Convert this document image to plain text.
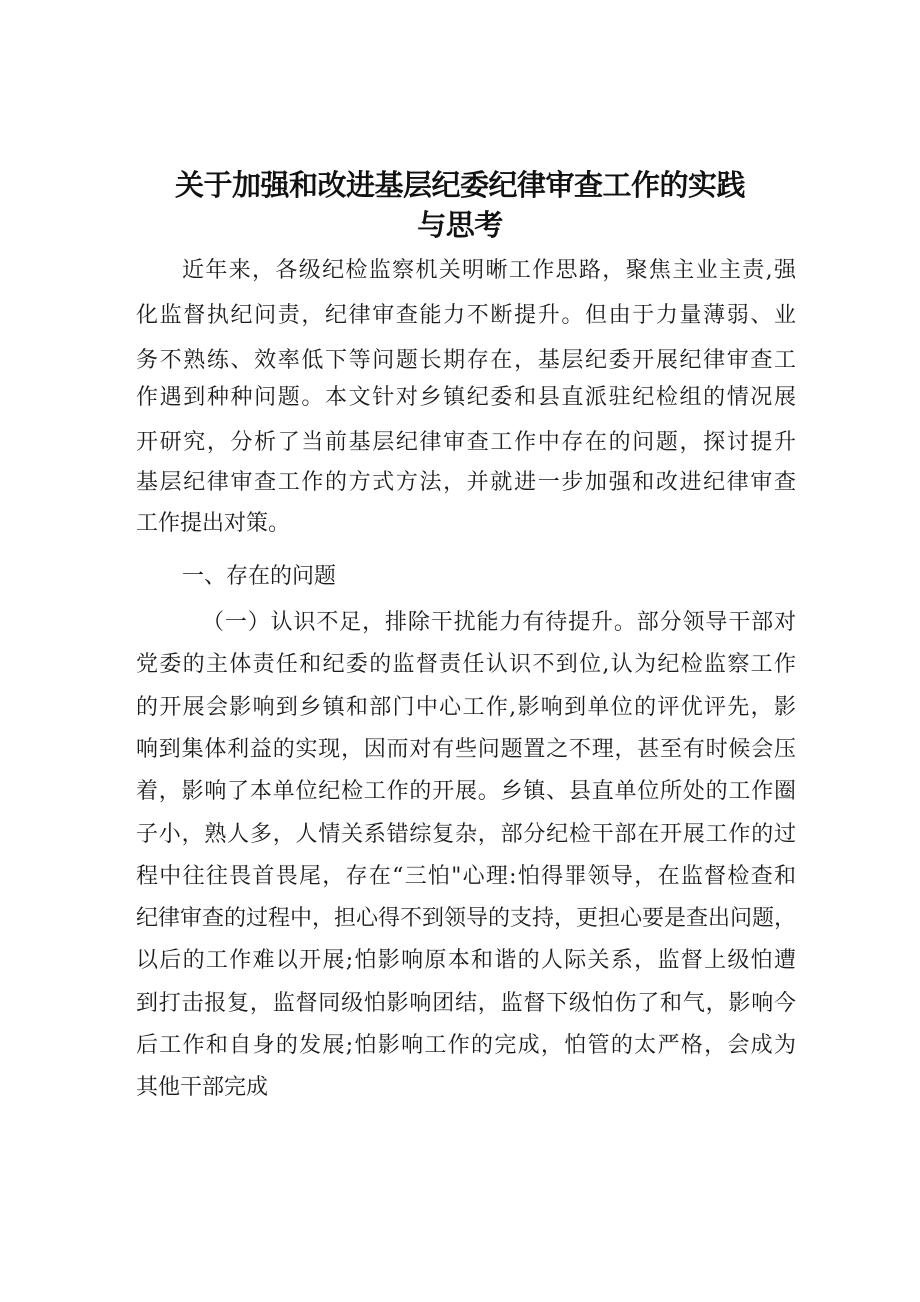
关于加强和改进基层纪委纪律审查工作的实践
与思考

近年来，各级纪检监察机关明晰工作思路，聚焦主业主责,强

化监督执纪问责，纪律审查能力不断提升。但由于力量薄弱、业

务不熟练、效率低下等问题长期存在，基层纪委开展纪律审查工

作遇到种种问题。本文针对乡镇纪委和县直派驻纪检组的情况展

开研究，分析了当前基层纪律审查工作中存在的问题，探讨提升

基层纪律审查工作的方式方法，并就进一步加强和改进纪律审查

工作提出对策。

一、存在的问题

（一）认识不足，排除干扰能力有待提升。部分领导干部对

党委的主体责任和纪委的监督责任认识不到位,认为纪检监察工作

的开展会影响到乡镇和部门中心工作,影响到单位的评优评先，影

响到集体利益的实现，因而对有些问题置之不理，甚至有时候会压

着，影响了本单位纪检工作的开展。乡镇、县直单位所处的工作圈

子小，熟人多，人情关系错综复杂，部分纪检干部在开展工作的过

程中往往畏首畏尾，存在“三怕"心理:怕得罪领导，在监督检查和

纪律审查的过程中，担心得不到领导的支持，更担心要是查出问题，

以后的工作难以开展;怕影响原本和谐的人际关系，监督上级怕遭

到打击报复，监督同级怕影响团结，监督下级怕伤了和气，影响今

后工作和自身的发展;怕影响工作的完成，怕管的太严格，会成为

其他干部完成
